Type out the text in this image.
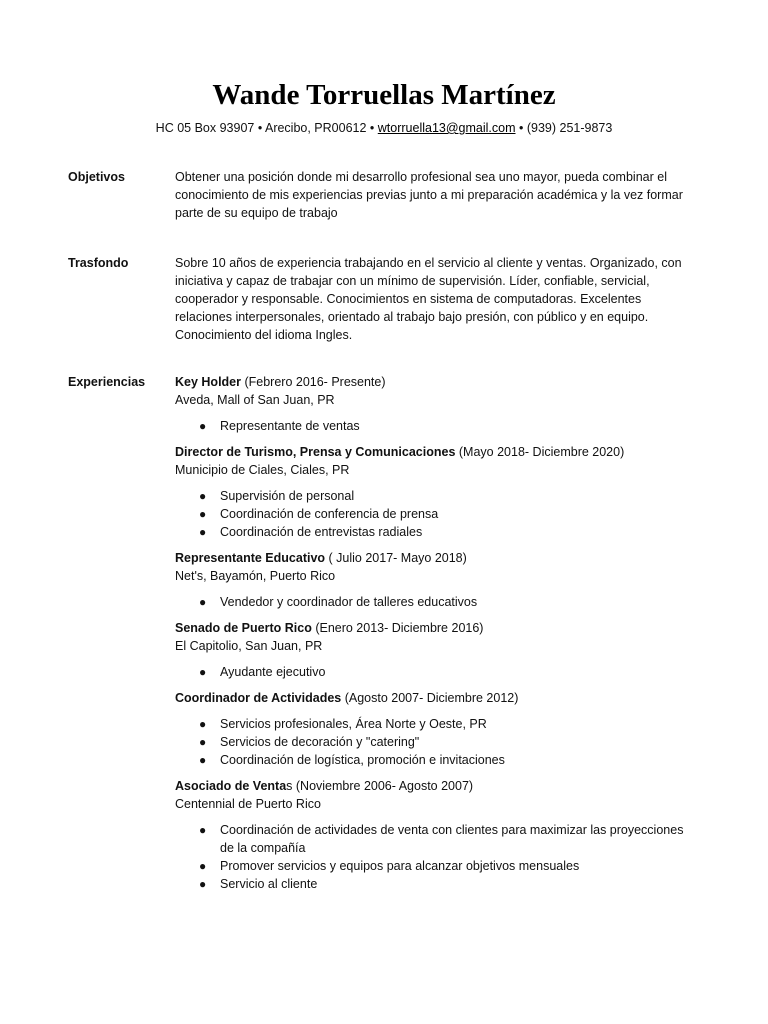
Wande Torruellas Martínez
HC 05 Box 93907 • Arecibo, PR00612 • wtorruella13@gmail.com • (939) 251-9873
Objetivos	Obtener una posición donde mi desarrollo profesional sea uno mayor, pueda combinar el conocimiento de mis experiencias previas junto a mi preparación académica y la vez formar parte de su equipo de trabajo
Trasfondo	Sobre 10 años de experiencia trabajando en el servicio al cliente y ventas. Organizado, con iniciativa y capaz de trabajar con un mínimo de supervisión. Líder, confiable, servicial, cooperador y responsable. Conocimientos en sistema de computadoras. Excelentes relaciones interpersonales, orientado al trabajo bajo presión, con público y en equipo. Conocimiento del idioma Ingles.
Experiencias Key Holder (Febrero 2016- Presente)

Aveda, Mall of San Juan, PR

● Representante de ventas

Director de Turismo, Prensa y Comunicaciones (Mayo 2018- Diciembre 2020)

Municipio de Ciales, Ciales, PR

● Supervisión de personal
● Coordinación de conferencia de prensa
● Coordinación de entrevistas radiales

Representante Educativo ( Julio 2017- Mayo 2018)

Net's, Bayamón, Puerto Rico

● Vendedor y coordinador de talleres educativos

Senado de Puerto Rico (Enero 2013- Diciembre 2016)

El Capitolio, San Juan, PR

● Ayudante ejecutivo

Coordinador de Actividades (Agosto 2007- Diciembre 2012)

● Servicios profesionales, Área Norte y Oeste, PR
● Servicios de decoración y "catering"
● Coordinación de logística, promoción e invitaciones

Asociado de Ventas (Noviembre 2006- Agosto 2007)

Centennial de Puerto Rico

● Coordinación de actividades de venta con clientes para maximizar las proyecciones de la compañía
● Promover servicios y equipos para alcanzar objetivos mensuales
● Servicio al cliente
